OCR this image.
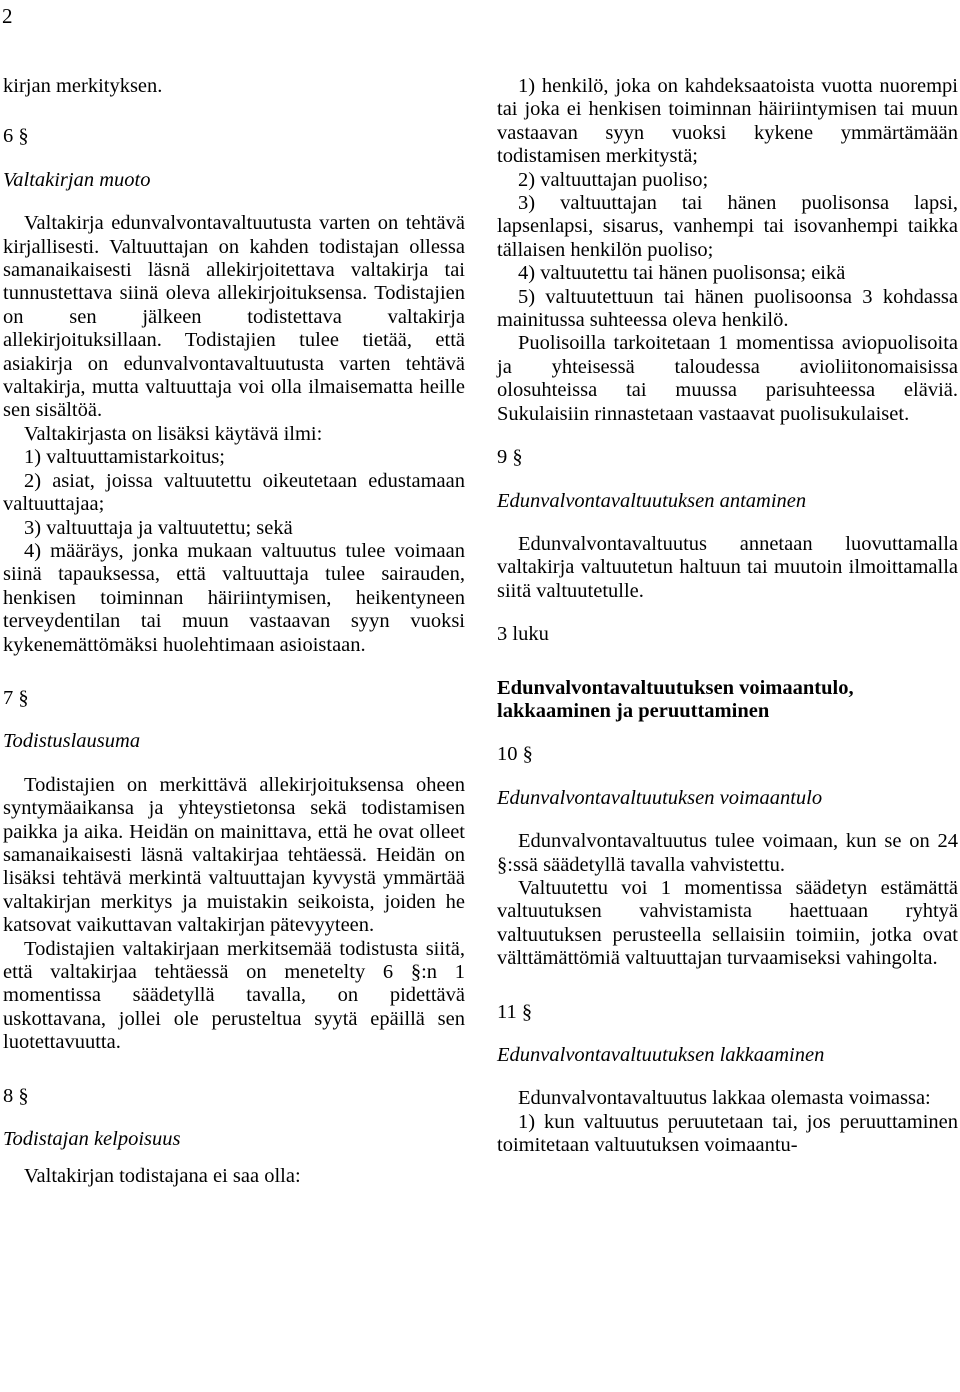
2

kirjan merkityksen.

6 §

Valtakirjan muoto

Valtakirja edunvalvontavaltuutusta varten on tehtävä kirjallisesti. Valtuuttajan on kahden todistajan ollessa samanaikaisesti läsnä allekirjoitettava valtakirja tai tunnustettava siinä oleva allekirjoituksensa. Todistajien on sen jälkeen todistettava valtakirja allekirjoituksillaan. Todistajien tulee tietää, että asiakirja on edunvalvontavaltuutusta varten tehtävä valtakirja, mutta valtuuttaja voi olla ilmaisematta heille sen sisältöä.

Valtakirjasta on lisäksi käytävä ilmi:

1) valtuuttamistarkoitus;

2) asiat, joissa valtuutettu oikeutetaan edustamaan valtuuttajaa;

3) valtuuttaja ja valtuutettu; sekä

4) määräys, jonka mukaan valtuutus tulee voimaan siinä tapauksessa, että valtuuttaja tulee sairauden, henkisen toiminnan häiriintymisen, heikentyneen terveydentilan tai muun vastaavan syyn vuoksi kykenemättömäksi huolehtimaan asioistaan.

7 §

Todistuslausuma

Todistajien on merkittävä allekirjoituksensa oheen syntymäaikansa ja yhteystietonsa sekä todistamisen paikka ja aika. Heidän on mainittava, että he ovat olleet samanaikaisesti läsnä valtakirjaa tehtäessä. Heidän on lisäksi tehtävä merkintä valtuuttajan kyvystä ymmärtää valtakirjan merkitys ja muistakin seikoista, joiden he katsovat vaikuttavan valtakirjan pätevyyteen.

Todistajien valtakirjaan merkitsemää todistusta siitä, että valtakirjaa tehtäessä on menetelty 6 §:n 1 momentissa säädetyllä tavalla, on pidettävä uskottavana, jollei ole perusteltua syytä epäillä sen luotettavuutta.

8 §

Todistajan kelpoisuus

Valtakirjan todistajana ei saa olla:

1) henkilö, joka on kahdeksaatoista vuotta nuorempi tai joka ei henkisen toiminnan häiriintymisen tai muun vastaavan syyn vuoksi kykene ymmärtämään todistamisen merkitystä;

2) valtuuttajan puoliso;

3) valtuuttajan tai hänen puolisonsa lapsi, lapsenlapsi, sisarus, vanhempi tai isovanhempi taikka tällaisen henkilön puoliso;

4) valtuutettu tai hänen puolisonsa; eikä

5) valtuutettuun tai hänen puolisoonsa 3 kohdassa mainitussa suhteessa oleva henkilö.

Puolisoilla tarkoitetaan 1 momentissa aviopuolisoita ja yhteisessä taloudessa avioliitonomaisissa olosuhteissa tai muussa parisuhteessa eläviä. Sukulaisiin rinnastetaan vastaavat puolisukulaiset.

9 §

Edunvalvontavaltuutuksen antaminen

Edunvalvontavaltuutus annetaan luovuttamalla valtakirja valtuutetun haltuun tai muutoin ilmoittamalla siitä valtuutetulle.

3 luku

Edunvalvontavaltuutuksen voimaantulo,

lakkaaminen ja peruuttaminen

10 §

Edunvalvontavaltuutuksen voimaantulo

Edunvalvontavaltuutus tulee voimaan, kun se on 24 §:ssä säädetyllä tavalla vahvistettu.

Valtuutettu voi 1 momentissa säädetyn estämättä valtuutuksen vahvistamista haettuaan ryhtyä valtuutuksen perusteella sellaisiin toimiin, jotka ovat välttämättömiä valtuuttajan turvaamiseksi vahingolta.

11 §

Edunvalvontavaltuutuksen lakkaaminen

Edunvalvontavaltuutus lakkaa olemasta voimassa:

1) kun valtuutus peruutetaan tai, jos peruuttaminen toimitetaan valtuutuksen voimaantu-
